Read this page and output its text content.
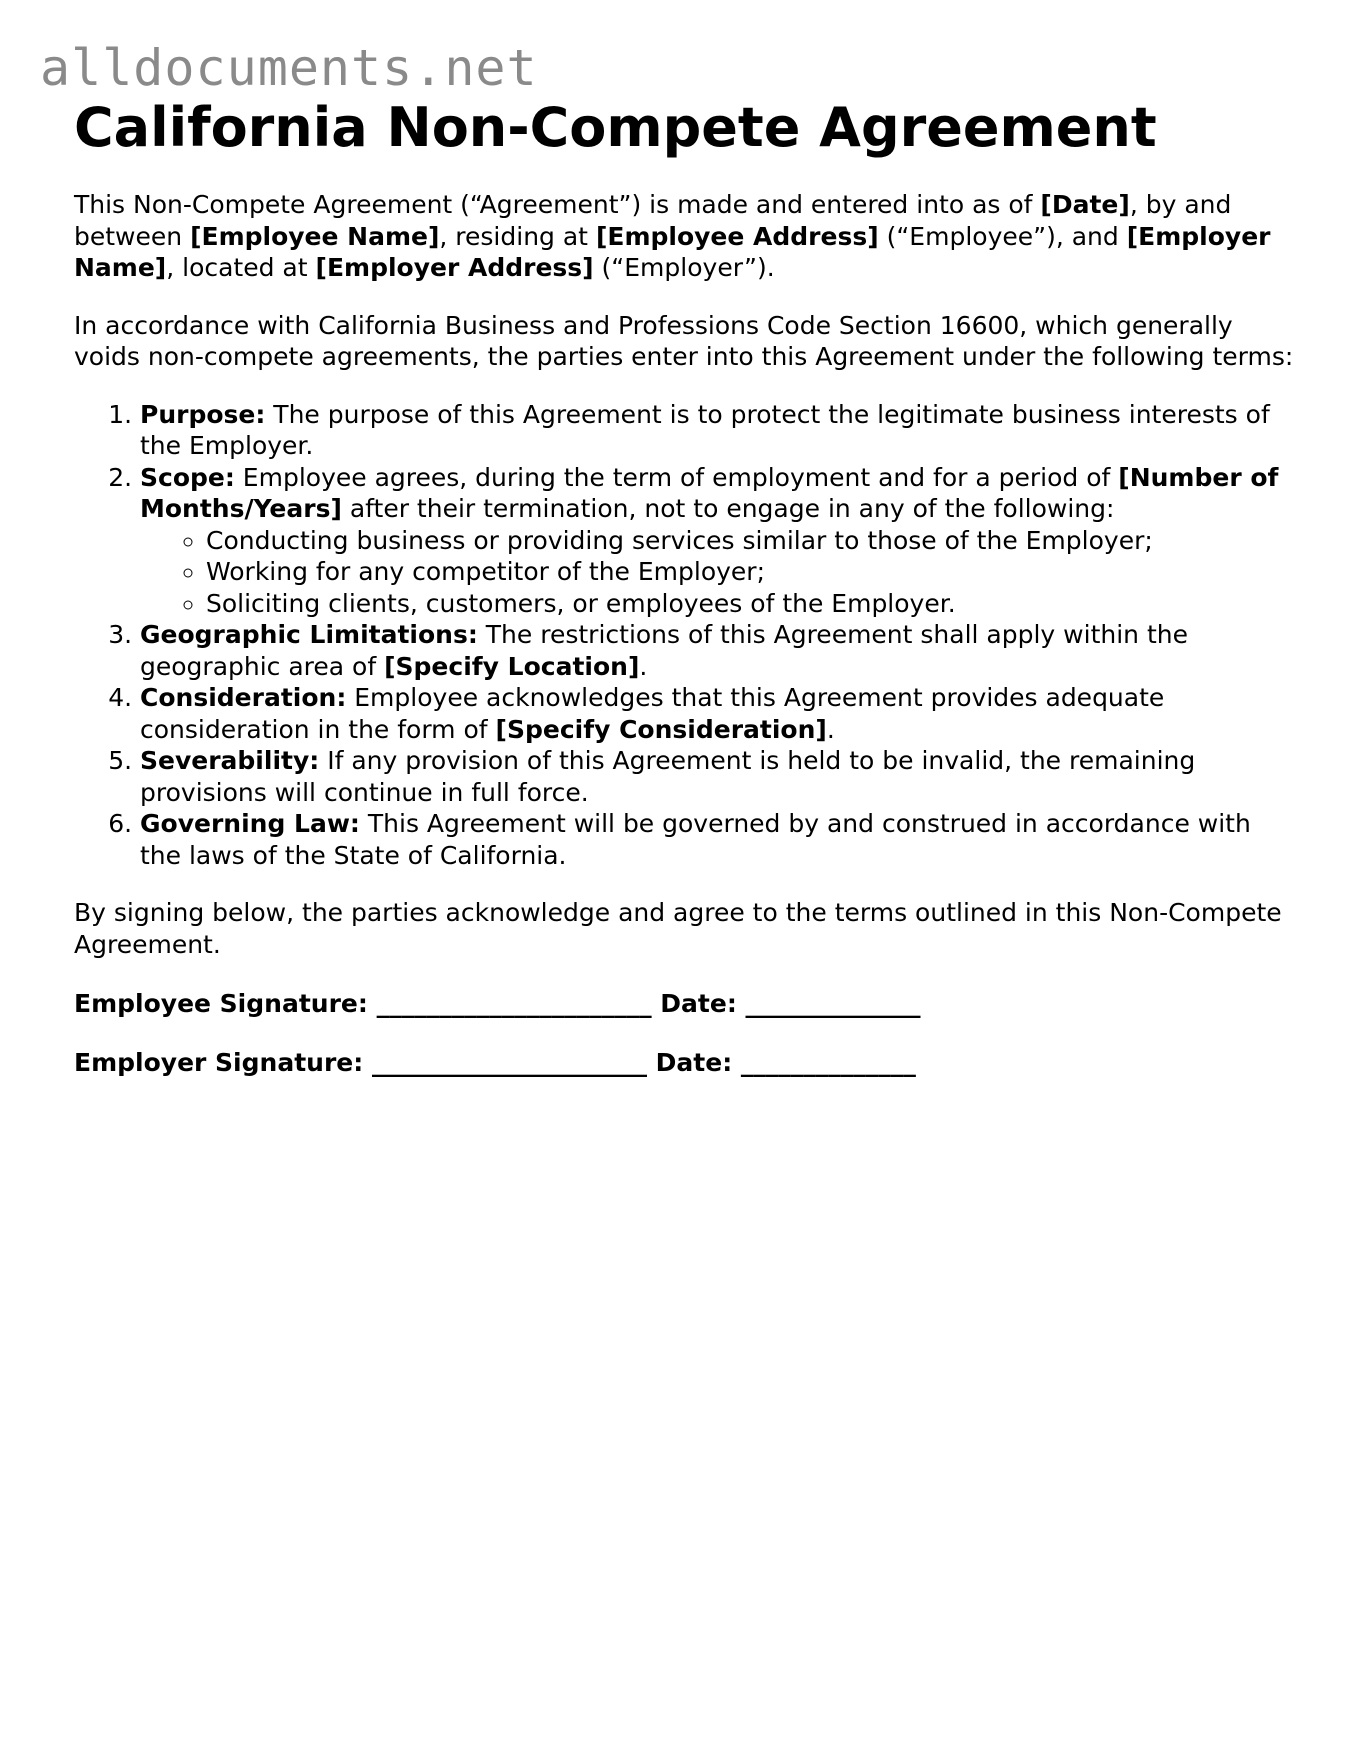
alldocuments.net
California Non-Compete Agreement

This Non-Compete Agreement (“Agreement”) is made and entered into as of [Date], by and between [Employee Name], residing at [Employee Address] (“Employee”), and [Employer Name], located at [Employer Address] (“Employer”).

In accordance with California Business and Professions Code Section 16600, which generally voids non-compete agreements, the parties enter into this Agreement under the following terms:

1. Purpose: The purpose of this Agreement is to protect the legitimate business interests of the Employer.
2. Scope: Employee agrees, during the term of employment and for a period of [Number of Months/Years] after their termination, not to engage in any of the following:
◦ Conducting business or providing services similar to those of the Employer;
◦ Working for any competitor of the Employer;
◦ Soliciting clients, customers, or employees of the Employer.
3. Geographic Limitations: The restrictions of this Agreement shall apply within the geographic area of [Specify Location].
4. Consideration: Employee acknowledges that this Agreement provides adequate consideration in the form of [Specify Consideration].
5. Severability: If any provision of this Agreement is held to be invalid, the remaining provisions will continue in full force.
6. Governing Law: This Agreement will be governed by and construed in accordance with the laws of the State of California.

By signing below, the parties acknowledge and agree to the terms outlined in this Non-Compete Agreement.

Employee Signature: ______________________ Date: ______________
Employer Signature: ______________________ Date: ______________
